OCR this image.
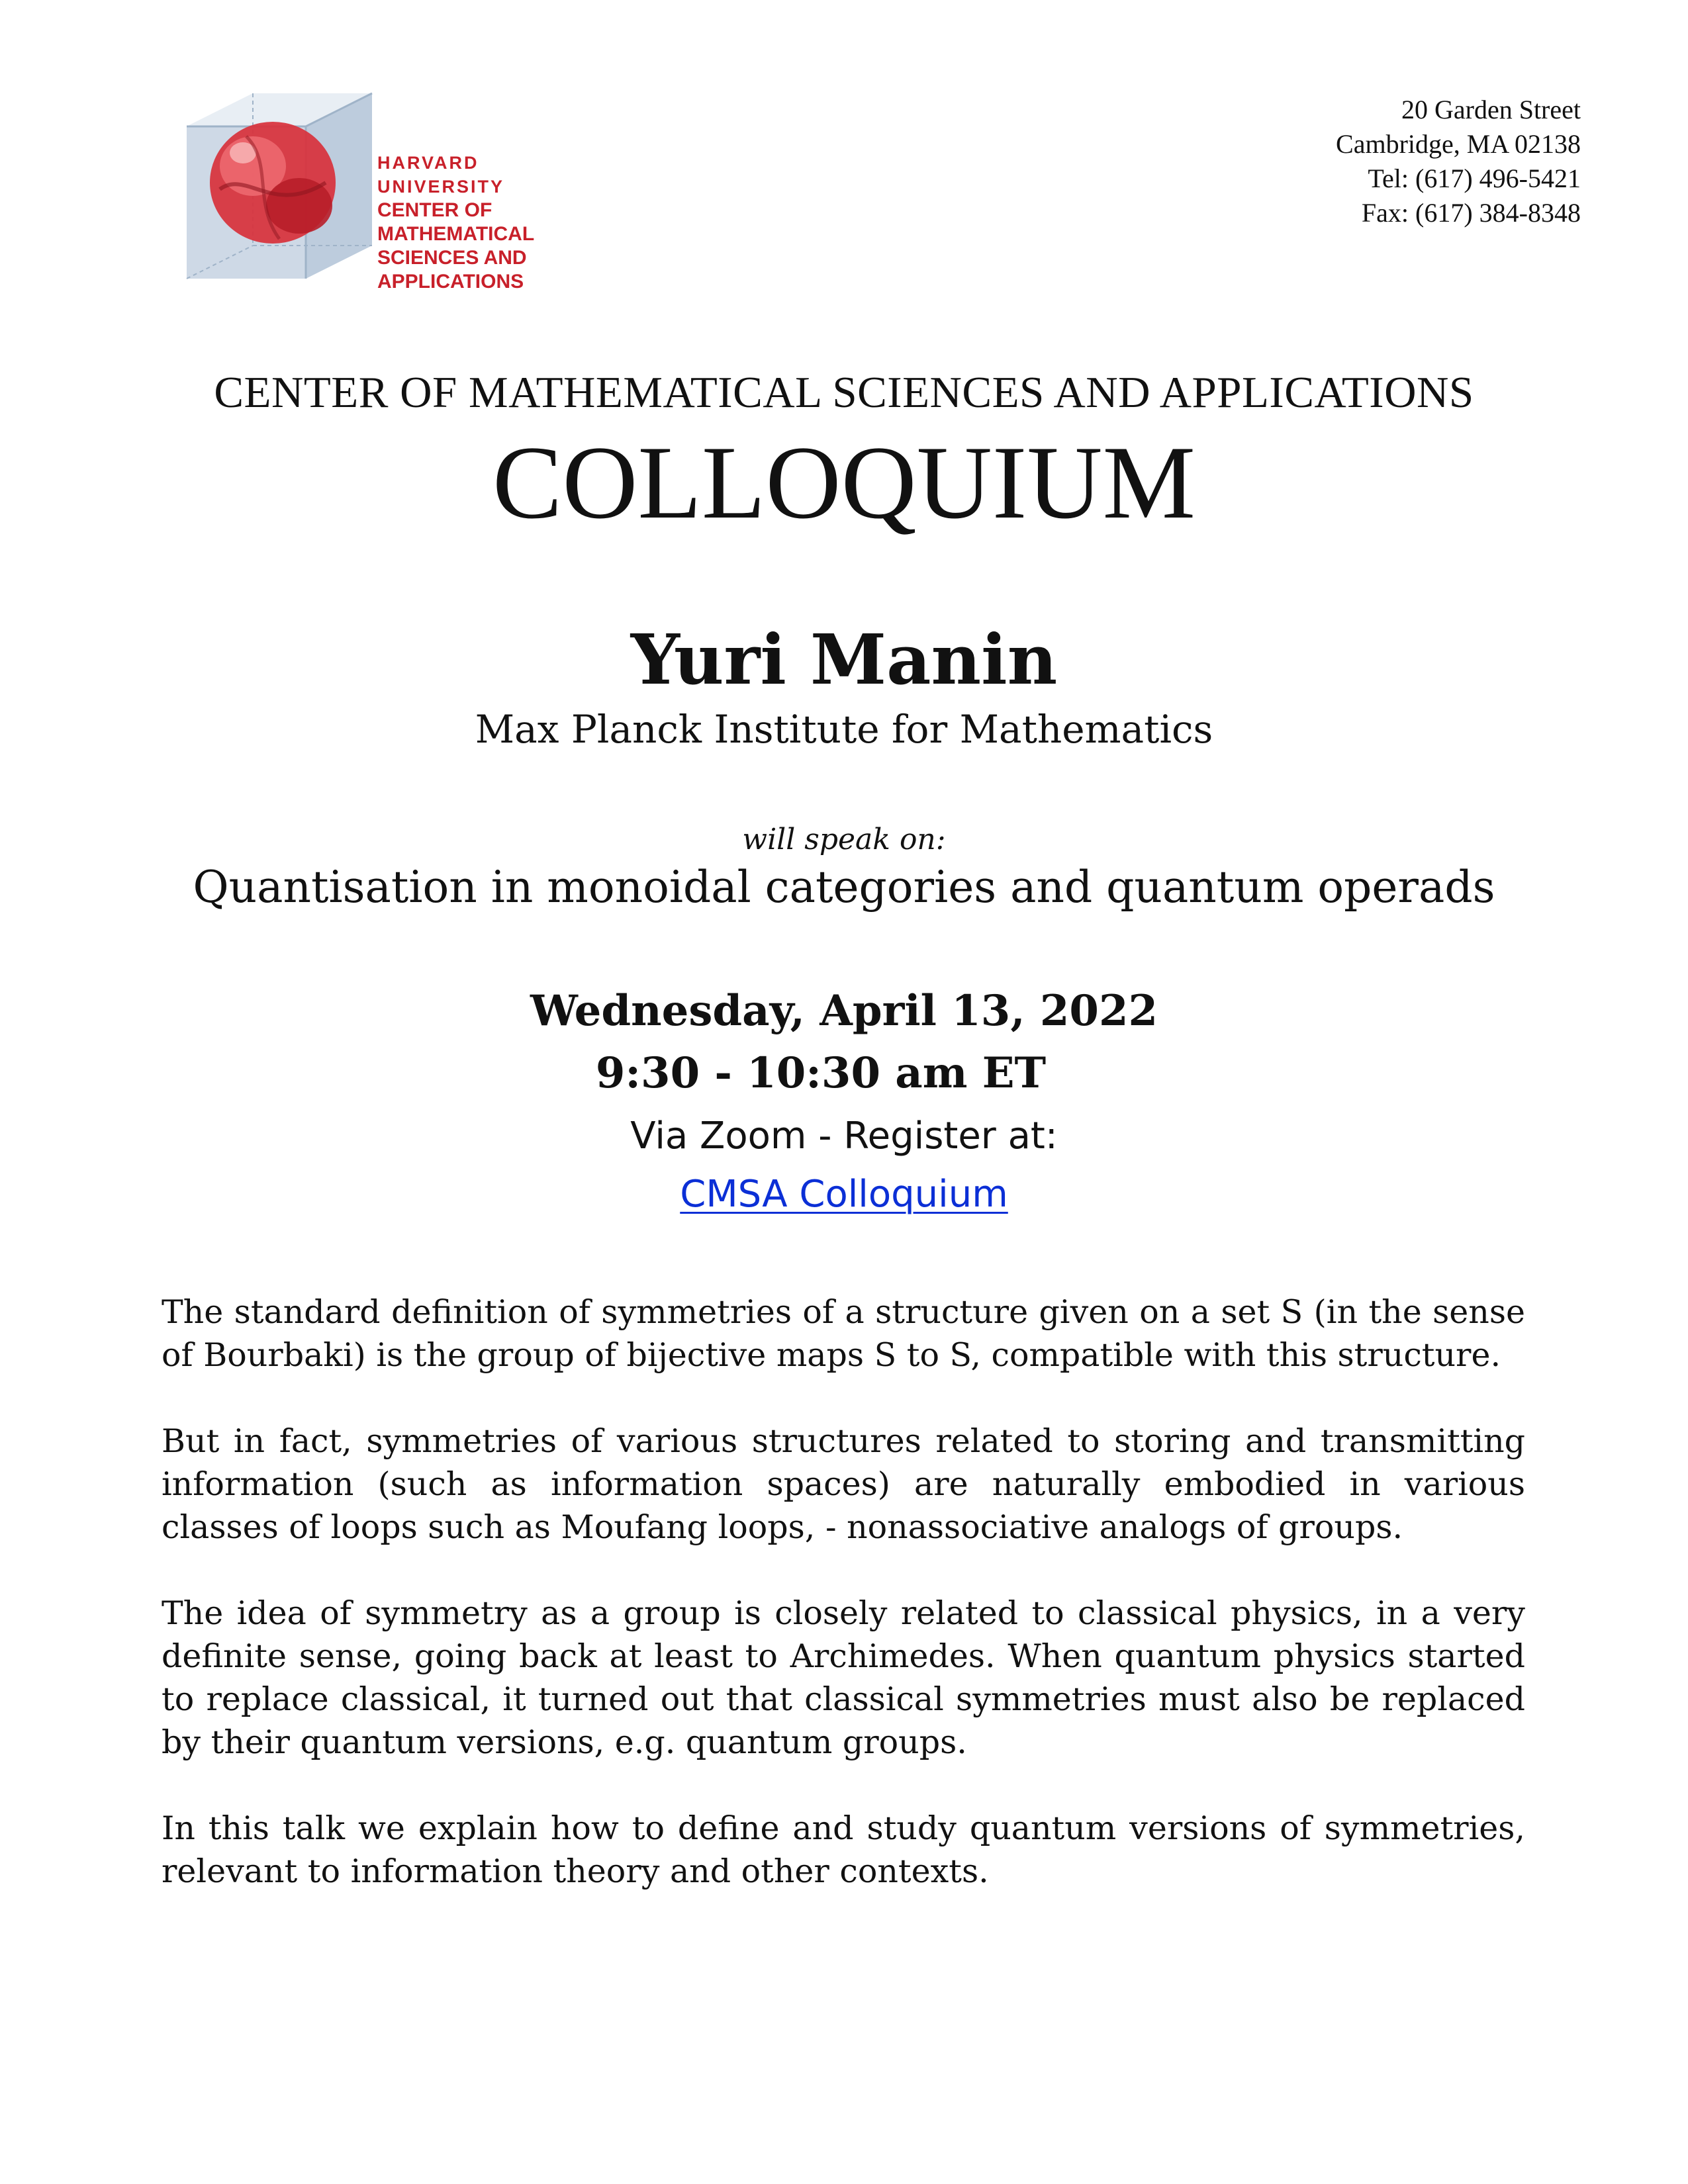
HARVARD UNIVERSITY
CENTER OF MATHEMATICAL
SCIENCES AND APPLICATIONS
20 Garden Street
Cambridge, MA 02138
Tel: (617) 496-5421
Fax: (617) 384-8348
CENTER OF MATHEMATICAL SCIENCES AND APPLICATIONS
COLLOQUIUM
Yuri Manin
Max Planck Institute for Mathematics
will speak on:
Quantisation in monoidal categories and quantum operads
Wednesday, April 13, 2022
9:30 - 10:30 am ET
Via Zoom - Register at:
CMSA Colloquium

The standard definition of symmetries of a structure given on a set S (in the sense of Bourbaki) is the group of bijective maps S to S, compatible with this structure.

But in fact, symmetries of various structures related to storing and transmitting information (such as information spaces) are naturally embodied in various classes of loops such as Moufang loops, - nonassociative analogs of groups.

The idea of symmetry as a group is closely related to classical physics, in a very definite sense, going back at least to Archimedes. When quantum physics started to replace classical, it turned out that classical symmetries must also be replaced by their quantum versions, e.g. quantum groups.

In this talk we explain how to define and study quantum versions of symmetries, relevant to information theory and other contexts.
